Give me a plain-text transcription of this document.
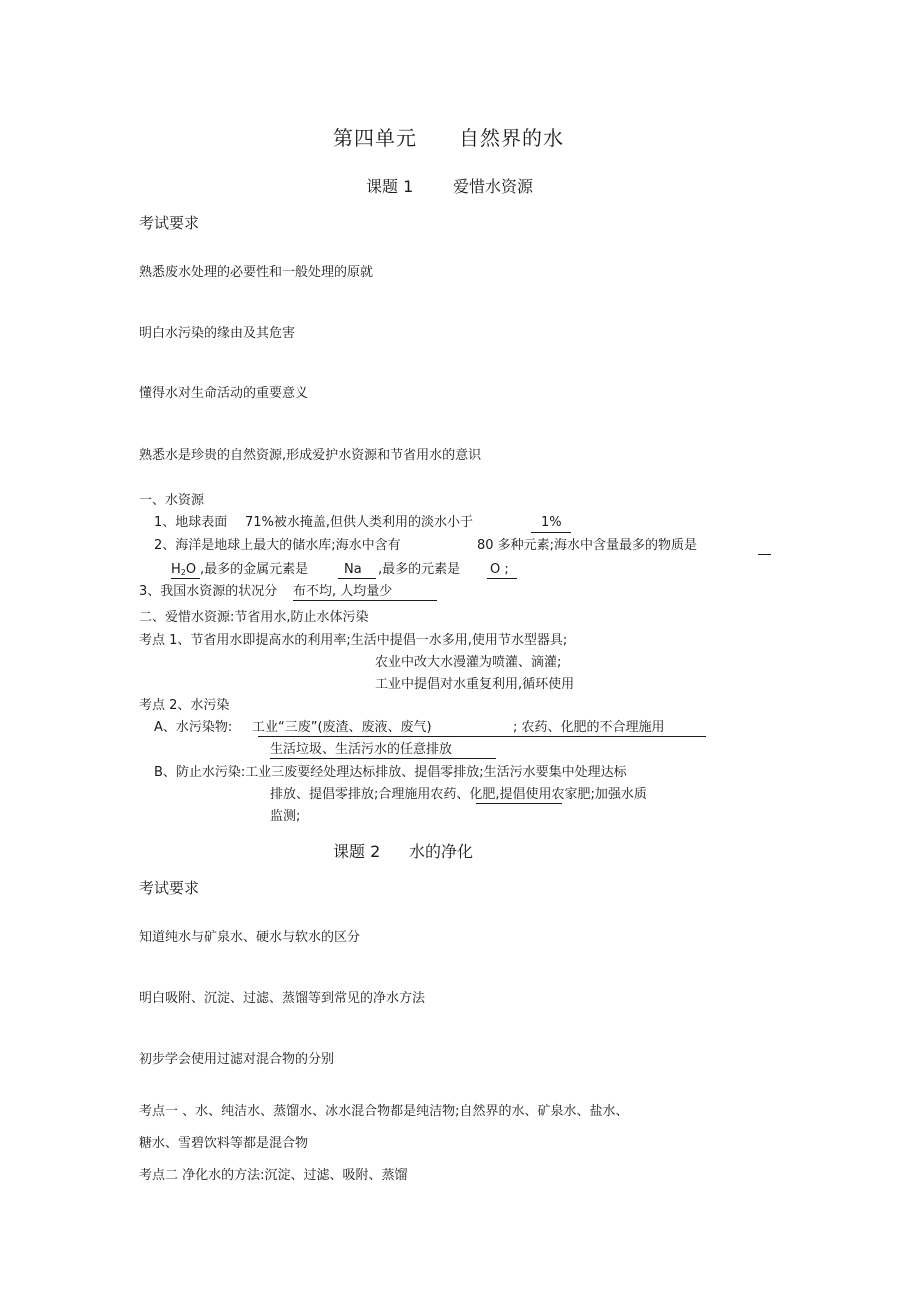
第四单元 自然界的水
课题 1 爱惜水资源
考试要求
熟悉废水处理的必要性和一般处理的原就
明白水污染的缘由及其危害
懂得水对生命活动的重要意义
熟悉水是珍贵的自然资源,形成爱护水资源和节省用水的意识
一、水资源
1、地球表面 71%被水掩盖,但供人类利用的淡水小于	1%
2、海洋是地球上最大的储水库;海水中含有	80 多种元素;海水中含量最多的物质是
$H_2O$ ,最多的金属元素是	Na ,最多的元素是 O ;
3、我国水资源的状况分 布不均, 人均量少
二、爱惜水资源:节省用水,防止水体污染
考点 1、节省用水即提高水的利用率;生活中提倡一水多用,使用节水型器具;
农业中改大水漫灌为喷灌、滴灌;
工业中提倡对水重复利用,循环使用
考点 2、水污染
A、水污染物: 工业“三废”(废渣、废液、废气)	; 农药、化肥的不合理施用
生活垃圾、生活污水的任意排放
B、防止水污染:工业三废要经处理达标排放、提倡零排放;生活污水要集中处理达标
排放、提倡零排放;合理施用农药、化肥,提倡使用农家肥;加强水质
监测;
课题 2 水的净化
考试要求
知道纯水与矿泉水、硬水与软水的区分
明白吸附、沉淀、过滤、蒸馏等到常见的净水方法
初步学会使用过滤对混合物的分别
考点一 、水、纯洁水、蒸馏水、冰水混合物都是纯洁物;自然界的水、矿泉水、盐水、
糖水、雪碧饮料等都是混合物
考点二 净化水的方法:沉淀、过滤、吸附、蒸馏
